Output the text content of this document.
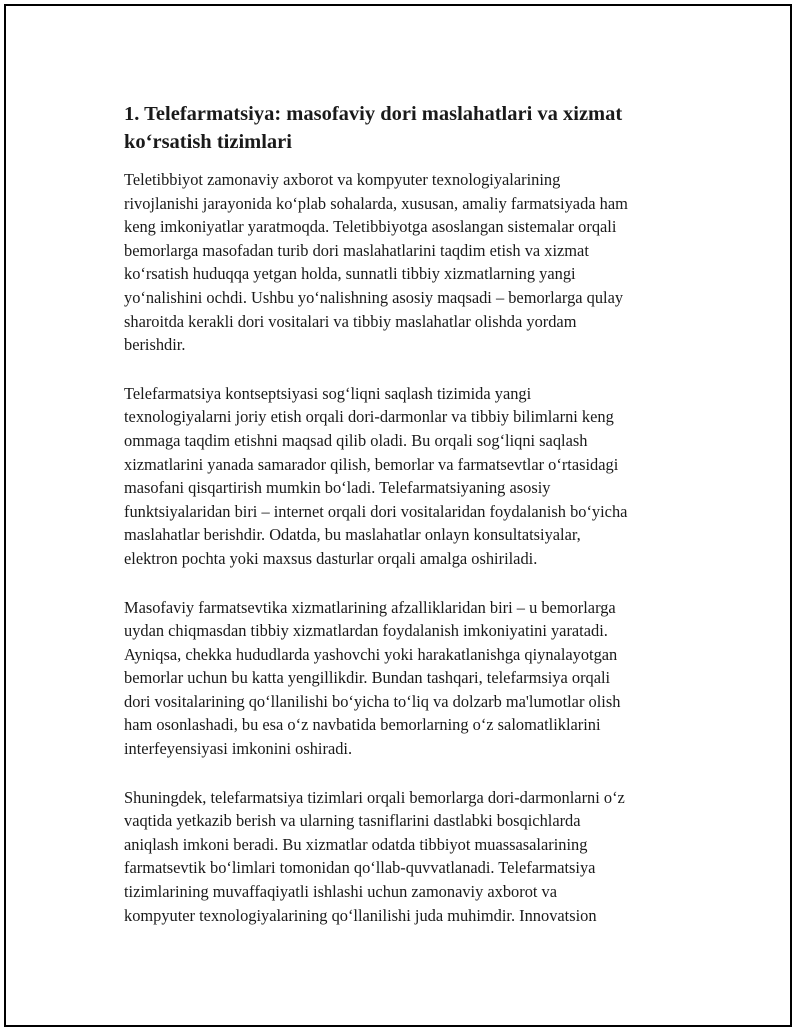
1. Telefarmatsiya: masofaviy dori maslahatlari va xizmat
ko‘rsatish tizimlari

Teletibbiyot zamonaviy axborot va kompyuter texnologiyalarining
rivojlanishi jarayonida ko‘plab sohalarda, xususan, amaliy farmatsiyada ham
keng imkoniyatlar yaratmoqda. Teletibbiyotga asoslangan sistemalar orqali
bemorlarga masofadan turib dori maslahatlarini taqdim etish va xizmat
ko‘rsatish huduqqa yetgan holda, sunnatli tibbiy xizmatlarning yangi
yo‘nalishini ochdi. Ushbu yo‘nalishning asosiy maqsadi – bemorlarga qulay
sharoitda kerakli dori vositalari va tibbiy maslahatlar olishda yordam
berishdir.

Telefarmatsiya kontseptsiyasi sog‘liqni saqlash tizimida yangi
texnologiyalarni joriy etish orqali dori-darmonlar va tibbiy bilimlarni keng
ommaga taqdim etishni maqsad qilib oladi. Bu orqali sog‘liqni saqlash
xizmatlarini yanada samarador qilish, bemorlar va farmatsevtlar o‘rtasidagi
masofani qisqartirish mumkin bo‘ladi. Telefarmatsiyaning asosiy
funktsiyalaridan biri – internet orqali dori vositalaridan foydalanish bo‘yicha
maslahatlar berishdir. Odatda, bu maslahatlar onlayn konsultatsiyalar,
elektron pochta yoki maxsus dasturlar orqali amalga oshiriladi.

Masofaviy farmatsevtika xizmatlarining afzalliklaridan biri – u bemorlarga
uydan chiqmasdan tibbiy xizmatlardan foydalanish imkoniyatini yaratadi.
Ayniqsa, chekka hududlarda yashovchi yoki harakatlanishga qiynalayotgan
bemorlar uchun bu katta yengillikdir. Bundan tashqari, telefarmsiya orqali
dori vositalarining qo‘llanilishi bo‘yicha to‘liq va dolzarb ma'lumotlar olish
ham osonlashadi, bu esa o‘z navbatida bemorlarning o‘z salomatliklarini
interfeyensiyasi imkonini oshiradi.

Shuningdek, telefarmatsiya tizimlari orqali bemorlarga dori-darmonlarni o‘z
vaqtida yetkazib berish va ularning tasniflarini dastlabki bosqichlarda
aniqlash imkoni beradi. Bu xizmatlar odatda tibbiyot muassasalarining
farmatsevtik bo‘limlari tomonidan qo‘llab-quvvatlanadi. Telefarmatsiya
tizimlarining muvaffaqiyatli ishlashi uchun zamonaviy axborot va
kompyuter texnologiyalarining qo‘llanilishi juda muhimdir. Innovatsion
